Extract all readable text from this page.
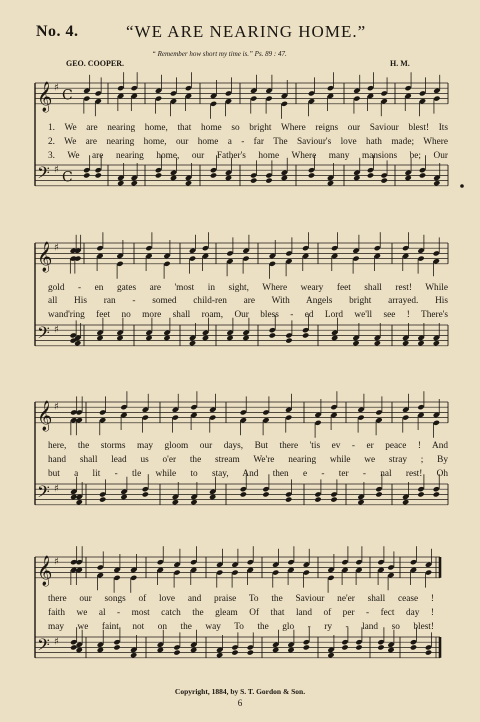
No. 4.	“WE ARE NEARING HOME.”
“ Remember how short my time is.” Ps. 89 : 47.
GEO. COOPER.	H. M.
𝄞 ♯ C
𝄢 ♯ C
𝄞 ♯
𝄢 ♯
𝄞 ♯
𝄢 ♯
𝄞 ♯
𝄢 ♯
1. We are nearing home, that home so bright Where reigns our Saviour blest! Its
2. We are nearing home, our home a - far The Saviour's love hath made; Where
3. We are nearing home, our Father's home Where many mansions be; Our
gold - en gates are 'most in sight, Where weary feet shall rest! While
all His ran - somed child-ren are With Angels bright arrayed. His
wand'ring feet no more shall roam, Our bless - ed Lord we'll see ! There's
here, the storms may gloom our days, But there 'tis ev - er peace ! And
hand shall lead us o'er the stream We're nearing while we stray ; By
but a lit - tle while to stay, And then e - ter - nal rest! Oh
there our songs of love and praise To the Saviour ne'er shall cease !
faith we al - most catch the gleam Of that land of per - fect day !
may we faint not on the way To the glo - ry - land so blest!
Copyright, 1884, by S. T. Gordon & Son.
6
